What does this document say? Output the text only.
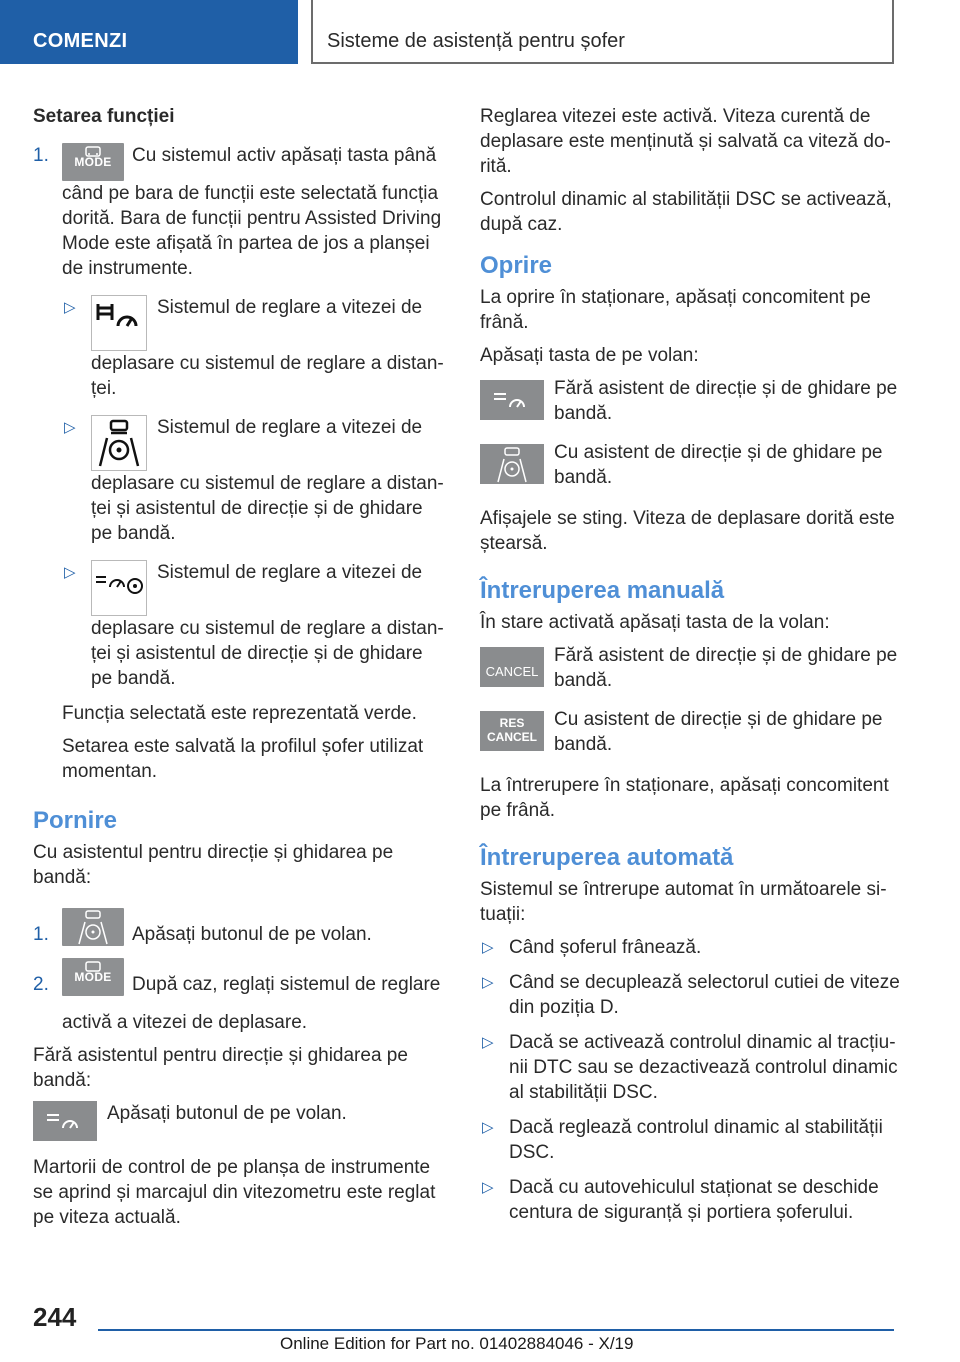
COMENZI	Sisteme de asistență pentru șofer
Setarea funcției
1.	MODE	Cu sistemul activ apăsați tasta până când pe bara de funcții este selectată funcția dorită. Bara de funcții pentru Assisted Driving Mode este afișată în partea de jos a planșei de instrumente.
▷	Sistemul de reglare a vitezei de deplasare cu sistemul de reglare a distanței.
▷	Sistemul de reglare a vitezei de deplasare cu sistemul de reglare a distanței și asistentul de direcție și de ghidare pe bandă.
▷	Sistemul de reglare a vitezei de deplasare cu sistemul de reglare a distanței și asistentul de direcție și de ghidare pe bandă.

Funcția selectată este reprezentată verde.

Setarea este salvată la profilul șofer utilizat momentan.

Pornire

Cu asistentul pentru direcție și ghidarea pe bandă:

1.	Apăsați butonul de pe volan.
2.	MODE	După caz, reglați sistemul de reglare activă a vitezei de deplasare.

Fără asistentul pentru direcție și ghidarea pe bandă:

Apăsați butonul de pe volan.

Martorii de control de pe planșa de instrumente se aprind și marcajul din vitezometru este reglat pe viteza actuală.

Reglarea vitezei este activă. Viteza curentă de deplasare este menținută și salvată ca viteză dorită.

Controlul dinamic al stabilității DSC se activează, după caz.

Oprire

La oprire în staționare, apăsați concomitent pe frână.

Apăsați tasta de pe volan:

Fără asistent de direcție și de ghidare pe bandă.
Cu asistent de direcție și de ghidare pe bandă.

Afișajele se sting. Viteza de deplasare dorită este ștearsă.

Întreruperea manuală

În stare activată apăsați tasta de la volan:

CANCEL
Fără asistent de direcție și de ghidare pe bandă.
RES
CANCEL
Cu asistent de direcție și de ghidare pe bandă.

La întrerupere în staționare, apăsați concomitent pe frână.

Întreruperea automată

Sistemul se întrerupe automat în următoarele situații:

▷ Când șoferul frânează.
▷ Când se decuplează selectorul cutiei de viteze din poziția D.
▷ Dacă se activează controlul dinamic al tracțiunii DTC sau se dezactivează controlul dinamic al stabilității DSC.
▷ Dacă reglează controlul dinamic al stabilității DSC.
▷ Dacă cu autovehiculul staționat se deschide centura de siguranță și portiera șoferului.
244
Online Edition for Part no. 01402884046 - X/19
